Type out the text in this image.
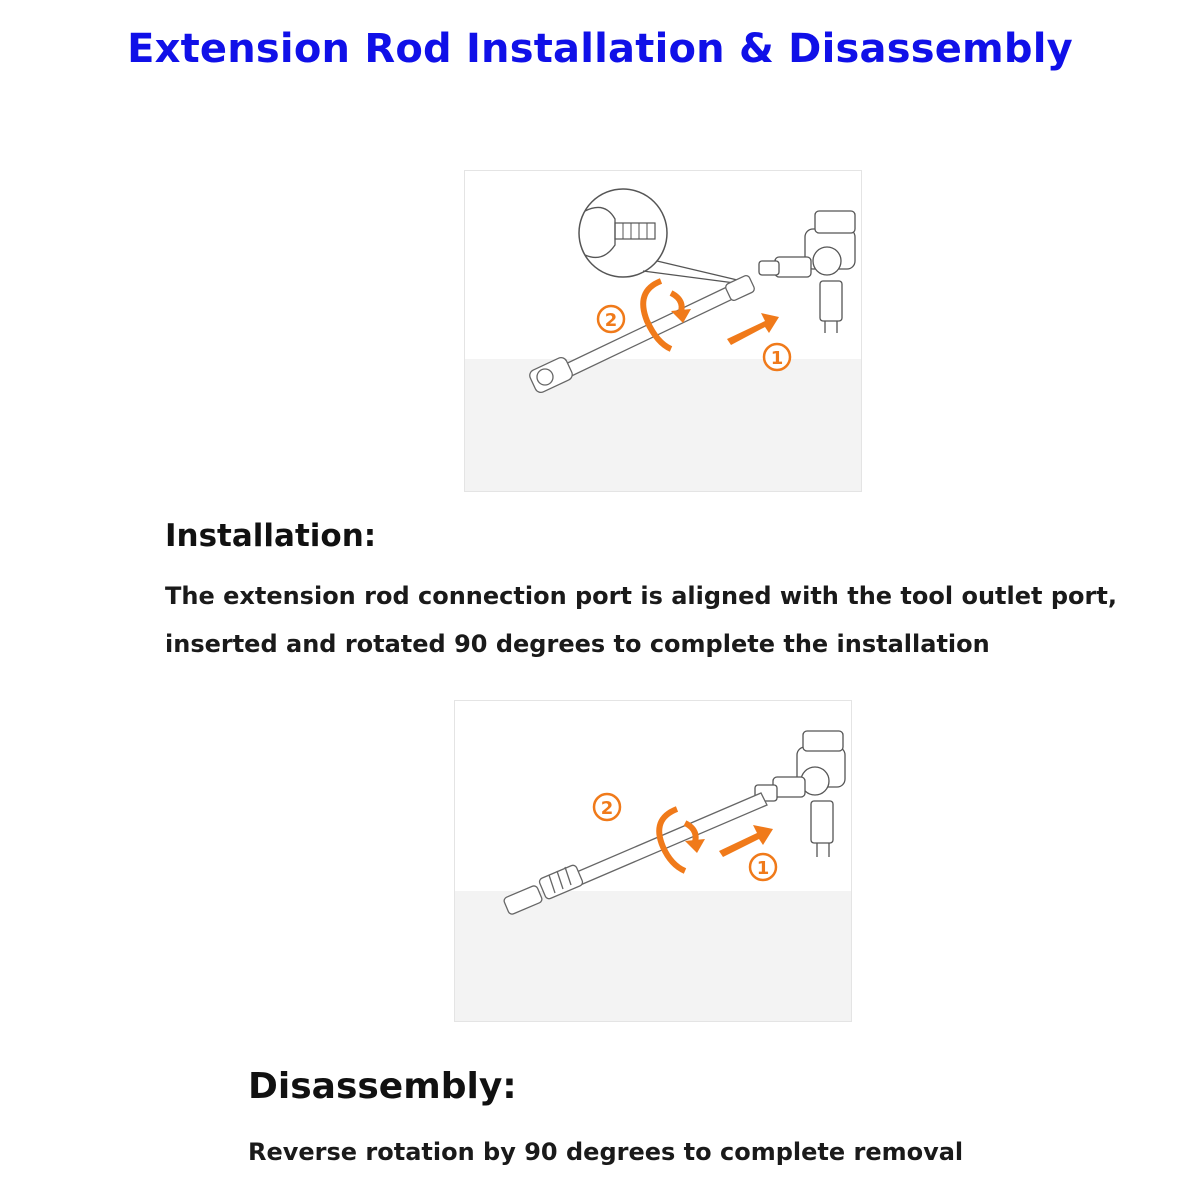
Extension Rod Installation & Disassembly
2
1
Installation:
The extension rod connection port is aligned with the tool outlet port,
inserted and rotated 90 degrees to complete the installation
2
1
Disassembly:
Reverse rotation by 90 degrees to complete removal
